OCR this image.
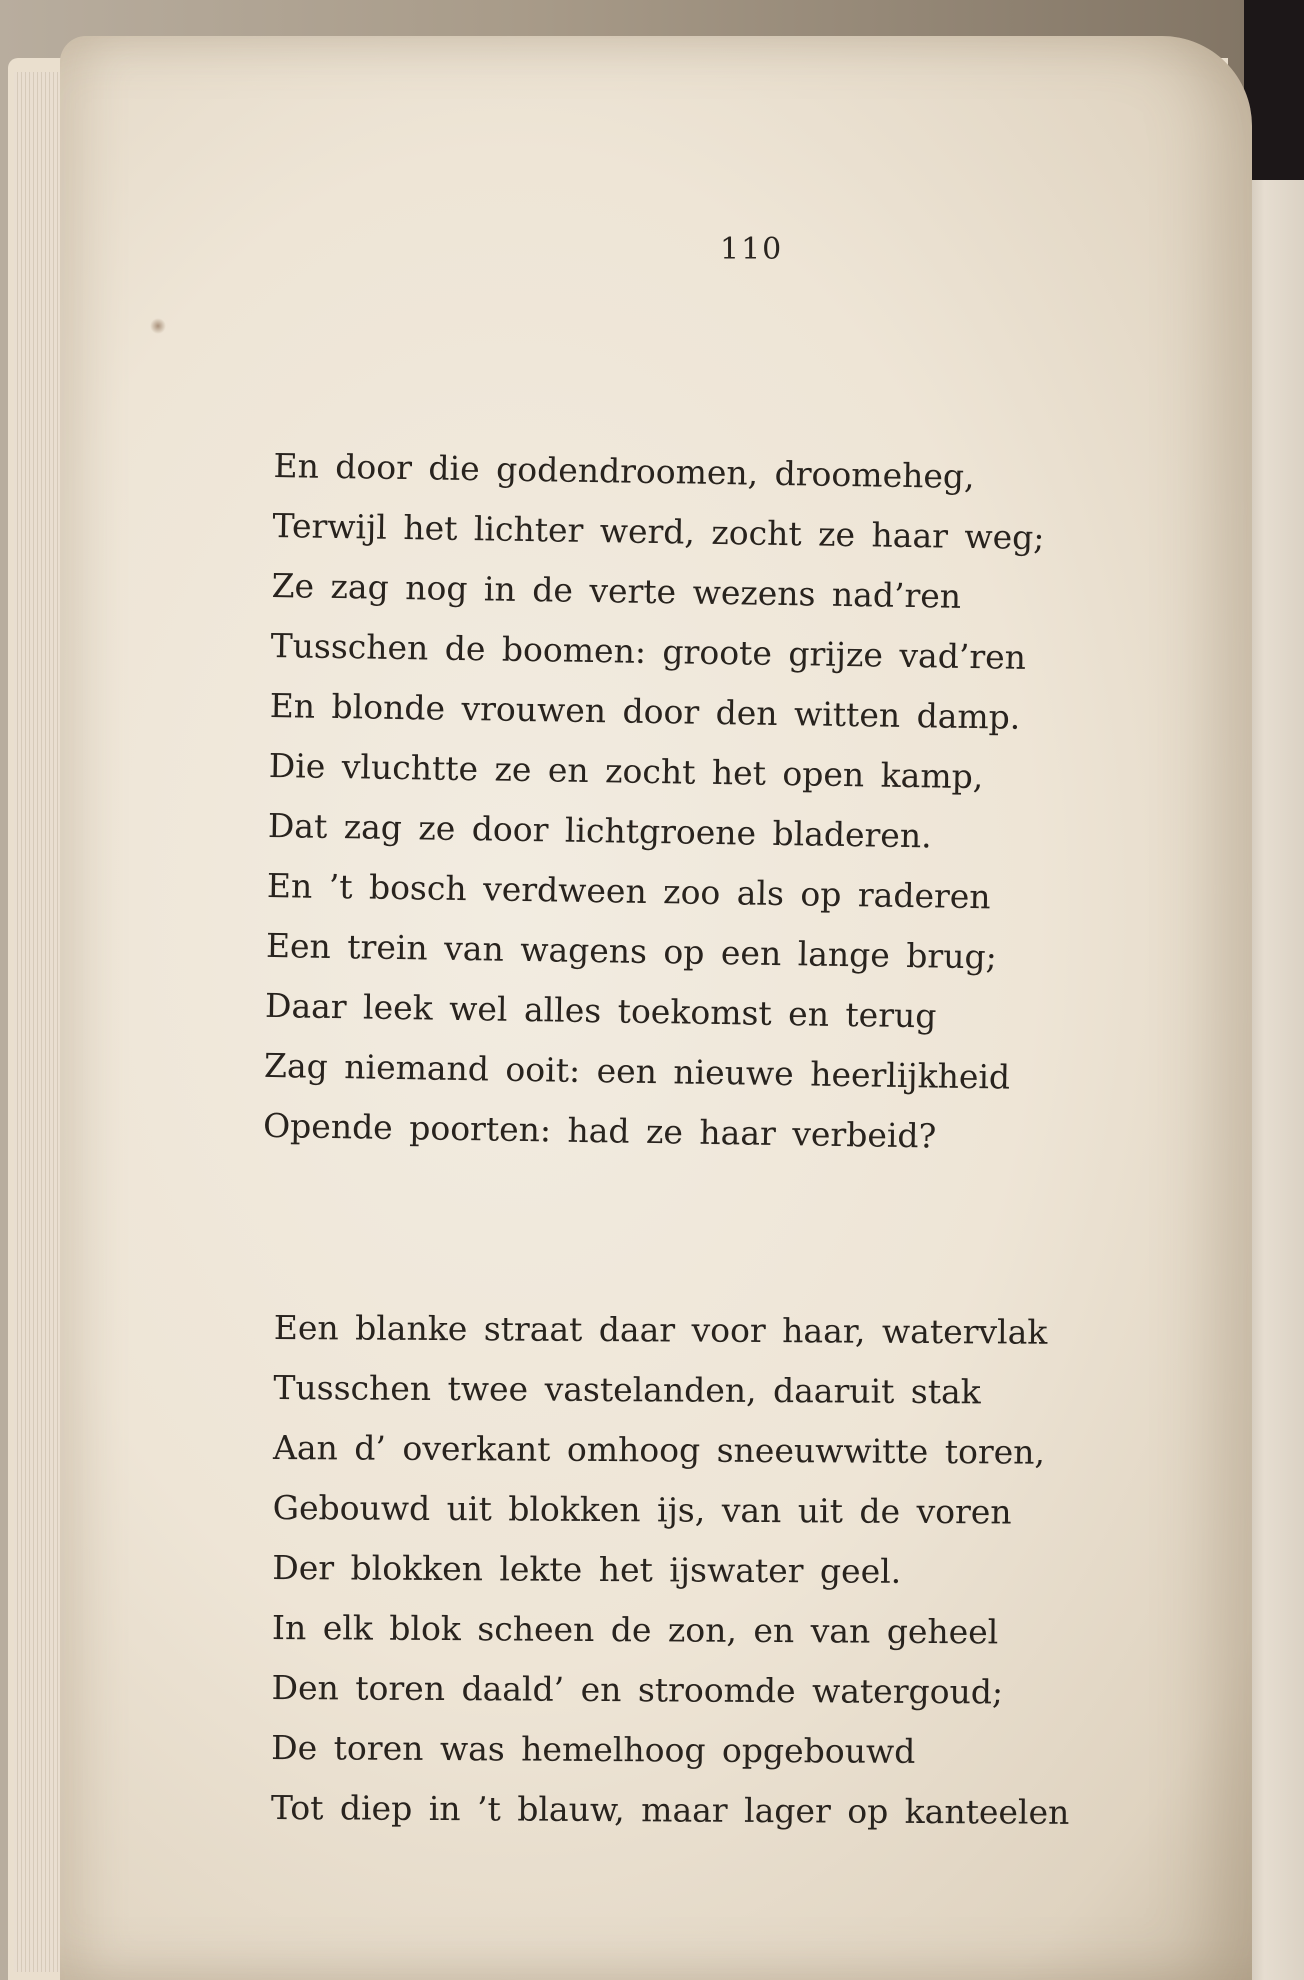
110
En door die godendroomen, droomeheg,
Terwijl het lichter werd, zocht ze haar weg;
Ze zag nog in de verte wezens nad’ren
Tusschen de boomen: groote grijze vad’ren
En blonde vrouwen door den witten damp.
Die vluchtte ze en zocht het open kamp,
Dat zag ze door lichtgroene bladeren.
En ’t bosch verdween zoo als op raderen
Een trein van wagens op een lange brug;
Daar leek wel alles toekomst en terug
Zag niemand ooit: een nieuwe heerlijkheid
Opende poorten: had ze haar verbeid?
Een blanke straat daar voor haar, watervlak
Tusschen twee vastelanden, daaruit stak
Aan d’ overkant omhoog sneeuwwitte toren,
Gebouwd uit blokken ijs, van uit de voren
Der blokken lekte het ijswater geel.
In elk blok scheen de zon, en van geheel
Den toren daald’ en stroomde watergoud;
De toren was hemelhoog opgebouwd
Tot diep in ’t blauw, maar lager op kanteelen
